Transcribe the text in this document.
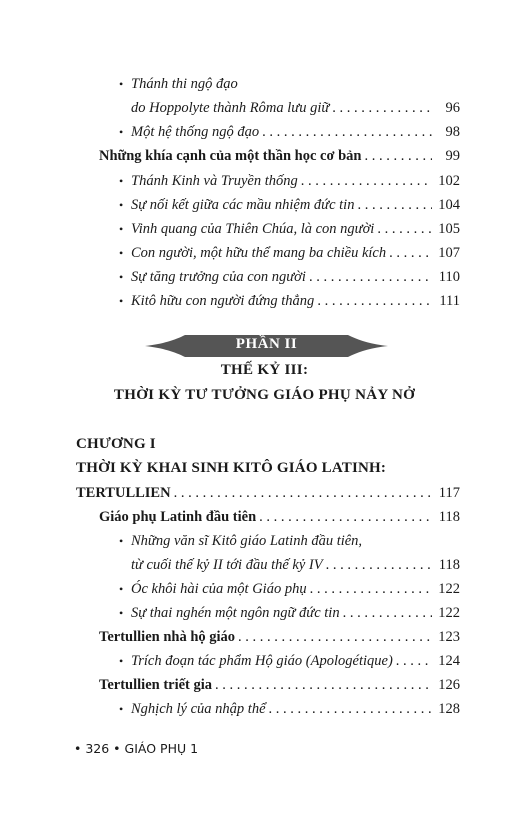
• Thánh thi ngộ đạo
do Hoppolyte thành Rôma lưu giữ . . .	96
• Một hệ thống ngộ đạo . . .	98
Những khía cạnh của một thần học cơ bản . . .	99
• Thánh Kinh và Truyền thống . . .	102
• Sự nối kết giữa các mầu nhiệm đức tin . . .	104
• Vinh quang của Thiên Chúa, là con người . . .	105
• Con người, một hữu thể mang ba chiều kích . . .	107
• Sự tăng trưởng của con người . . .	110
• Kitô hữu con người đứng thẳng . . .	111
PHẦN II
THẾ KỶ III:
THỜI KỲ TƯ TƯỞNG GIÁO PHỤ NẢY NỞ
CHƯƠNG I
THỜI KỲ KHAI SINH KITÔ GIÁO LATINH:
TERTULLIEN . . .	117
Giáo phụ Latinh đầu tiên . . .	118
• Những văn sĩ Kitô giáo Latinh đầu tiên,
từ cuối thế kỷ II tới đầu thế kỷ IV . . .	118
• Óc khôi hài của một Giáo phụ . . .	122
• Sự thai nghén một ngôn ngữ đức tin . . .	122
Tertullien nhà hộ giáo . . .	123
• Trích đoạn tác phẩm Hộ giáo (Apologétique) . . .	124
Tertullien triết gia . . .	126
• Nghịch lý của nhập thể . . .	128
• 326 • GIÁO PHỤ 1
